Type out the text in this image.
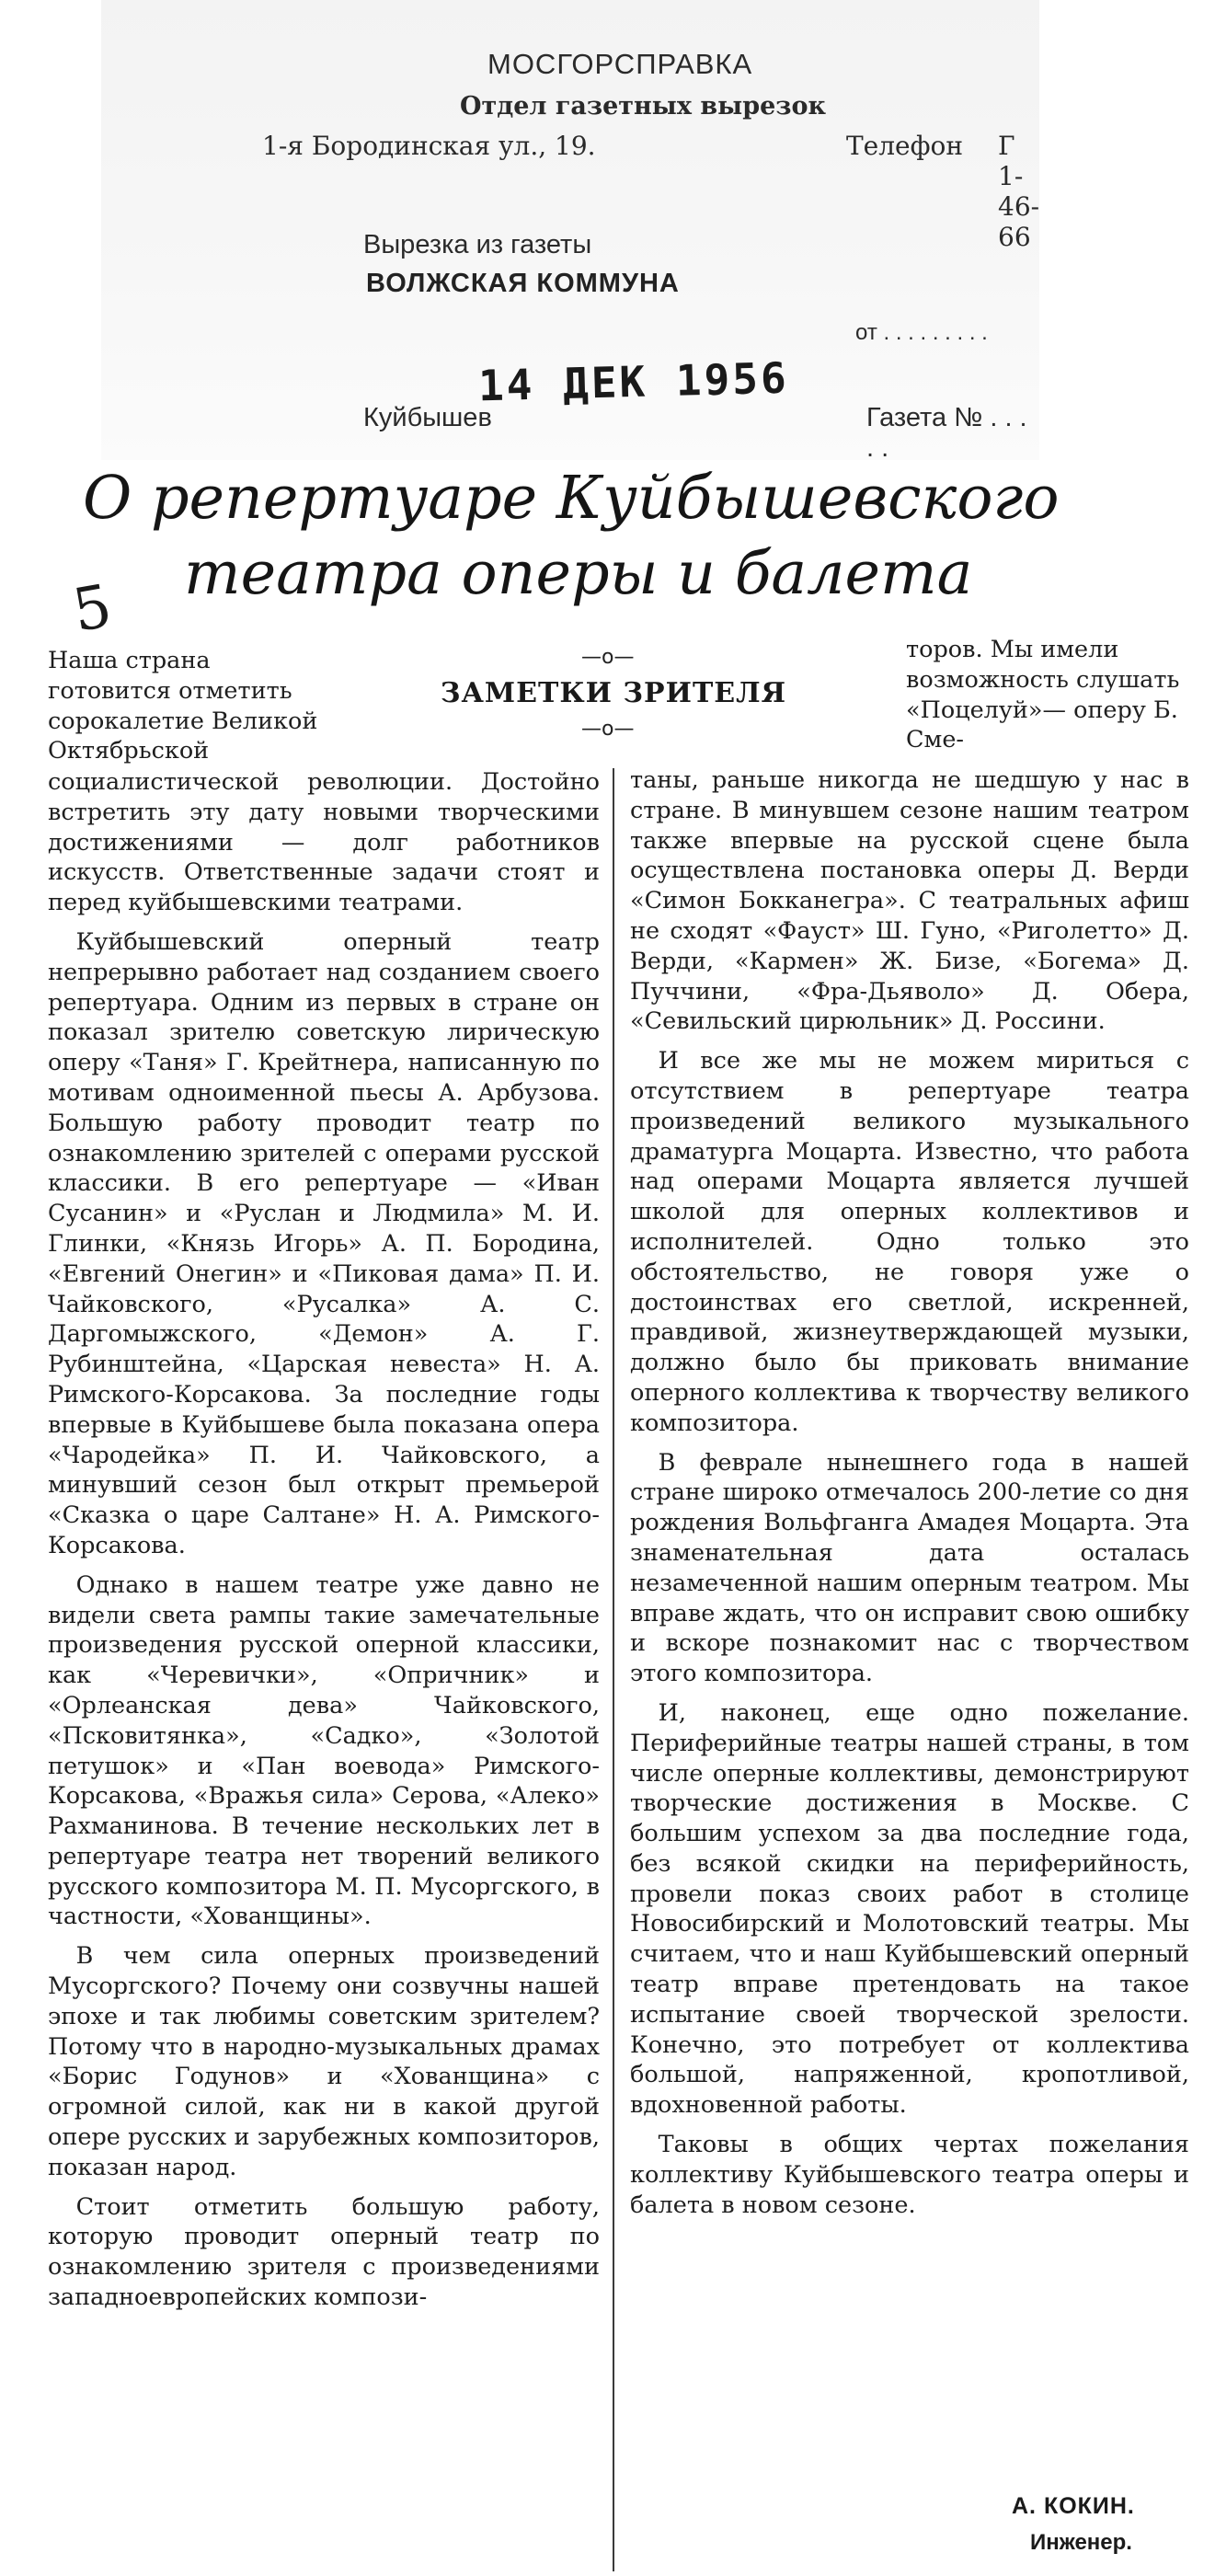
МОСГОРСПРАВКА
Отдел газетных вырезок
1-я Бородинская ул., 19.	Телефон Г 1-46-66
Вырезка из газеты
ВОЛЖСКАЯ КОММУНА
от . . . . . . . . .
14 ДЕК 1956
Куйбышев	Газета № . . . . .
О репертуаре Куйбышевского
театра оперы и балета
5
—о—
ЗАМЕТКИ ЗРИТЕЛЯ
—о—
Наша страна готовится отметить сорокалетие Великой Октябрьской

социалистической революции. Достойно встретить эту дату новыми творческими достижениями — долг работников искусств. Ответственные задачи стоят и перед куйбышевскими театрами.

Куйбышевский оперный театр непрерывно работает над созданием своего репертуара. Одним из первых в стране он показал зрителю советскую лирическую оперу «Таня» Г. Крейтнера, написанную по мотивам одноименной пьесы А. Арбузова. Большую работу проводит театр по ознакомлению зрителей с операми русской классики. В его репертуаре — «Иван Сусанин» и «Руслан и Людмила» М. И. Глинки, «Князь Игорь» А. П. Бородина, «Евгений Онегин» и «Пиковая дама» П. И. Чайковского, «Русалка» А. С. Даргомыжского, «Демон» А. Г. Рубинштейна, «Царская невеста» Н. А. Римского-Корсакова. За последние годы впервые в Куйбышеве была показана опера «Чародейка» П. И. Чайковского, а минувший сезон был открыт премьерой «Сказка о царе Салтане» Н. А. Римского-Корсакова.

Однако в нашем театре уже давно не видели света рампы такие замечательные произведения русской оперной классики, как «Черевички», «Опричник» и «Орлеанская дева» Чайковского, «Псковитянка», «Садко», «Золотой петушок» и «Пан воевода» Римского-Корсакова, «Вражья сила» Серова, «Алеко» Рахманинова. В течение нескольких лет в репертуаре театра нет творений великого русского композитора М. П. Мусоргского, в частности, «Хованщины».

В чем сила оперных произведений Мусоргского? Почему они созвучны нашей эпохе и так любимы советским зрителем? Потому что в народно-музыкальных драмах «Борис Годунов» и «Хованщина» с огромной силой, как ни в какой другой опере русских и зарубежных композиторов, показан народ.

Стоит отметить большую работу, которую проводит оперный театр по ознакомлению зрителя с произведениями западноевропейских компози-

торов. Мы имели возможность слушать «Поцелуй»— оперу Б. Сме-

таны, раньше никогда не шедшую у нас в стране. В минувшем сезоне нашим театром также впервые на русской сцене была осуществлена постановка оперы Д. Верди «Симон Бокканегра». С театральных афиш не сходят «Фауст» Ш. Гуно, «Риголетто» Д. Верди, «Кармен» Ж. Бизе, «Богема» Д. Пуччини, «Фра-Дьяволо» Д. Обера, «Севильский цирюльник» Д. Россини.

И все же мы не можем мириться с отсутствием в репертуаре театра произведений великого музыкального драматурга Моцарта. Известно, что работа над операми Моцарта является лучшей школой для оперных коллективов и исполнителей. Одно только это обстоятельство, не говоря уже о достоинствах его светлой, искренней, правдивой, жизнеутверждающей музыки, должно было бы приковать внимание оперного коллектива к творчеству великого композитора.

В феврале нынешнего года в нашей стране широко отмечалось 200-летие со дня рождения Вольфганга Амадея Моцарта. Эта знаменательная дата осталась незамеченной нашим оперным театром. Мы вправе ждать, что он исправит свою ошибку и вскоре познакомит нас с творчеством этого композитора.

И, наконец, еще одно пожелание. Периферийные театры нашей страны, в том числе оперные коллективы, демонстрируют творческие достижения в Москве. С большим успехом за два последние года, без всякой скидки на периферийность, провели показ своих работ в столице Новосибирский и Молотовский театры. Мы считаем, что и наш Куйбышевский оперный театр вправе претендовать на такое испытание своей творческой зрелости. Конечно, это потребует от коллектива большой, напряженной, кропотливой, вдохновенной работы.

Таковы в общих чертах пожелания коллективу Куйбышевского театра оперы и балета в новом сезоне.

А. КОКИН.
Инженер.
